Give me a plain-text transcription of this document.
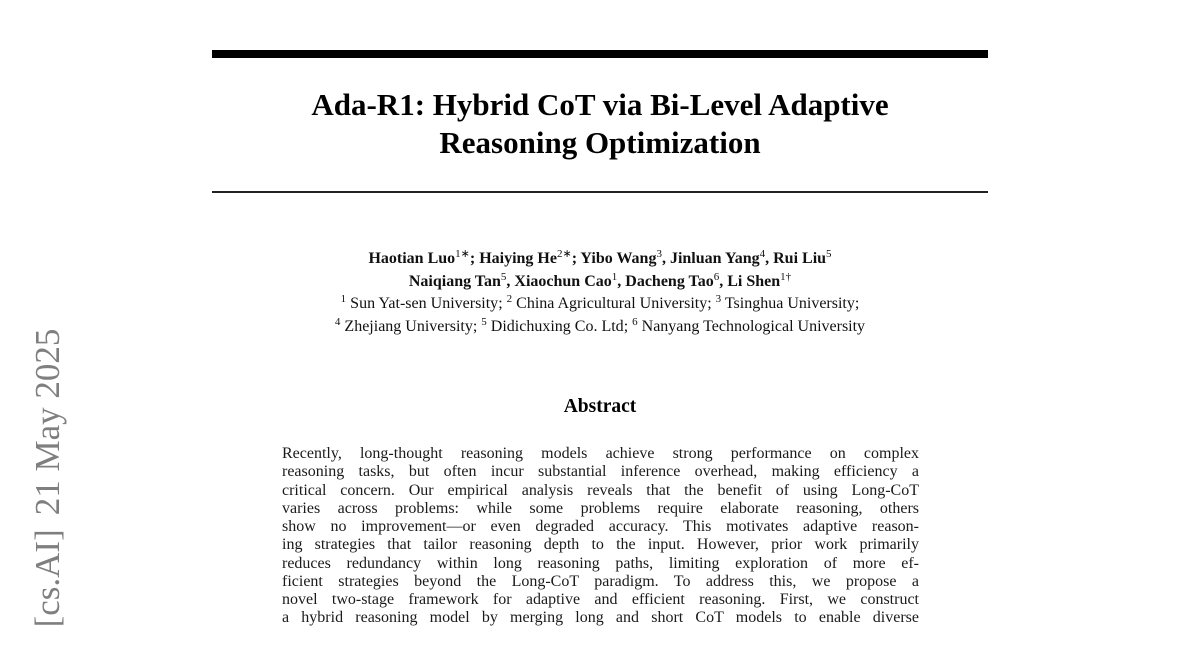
[cs.AI]21 May 2025
Ada-R1: Hybrid CoT via Bi-Level Adaptive
Reasoning Optimization
Haotian Luo$^{1∗}$; Haiying $He^{2∗}$; Yibo Wang$^3$, Jinluan Yang$^4$, Rui Liu$^5$
Naiqiang Tan$^5$, Xiaochun Cao$^1$, Dacheng Tao$^6$, Li Shen$^{1\dagger}$
$^1$ Sun Yat-sen University; $^2$ China Agricultural University; $^3$ Tsinghua University;
$^4$ Zhejiang University; $^5$ Didichuxing Co. Ltd; $^6$ Nanyang Technological University
Abstract
Recently, long-thought reasoning models achieve strong performance on complex
reasoning tasks, but often incur substantial inference overhead, making efficiency a
critical concern. Our empirical analysis reveals that the benefit of using Long-CoT
varies across problems: while some problems require elaborate reasoning, others
show no improvement—or even degraded accuracy. This motivates adaptive reason-
ing strategies that tailor reasoning depth to the input. However, prior work primarily
reduces redundancy within long reasoning paths, limiting exploration of more ef-
ficient strategies beyond the Long-CoT paradigm. To address this, we propose a
novel two-stage framework for adaptive and efficient reasoning. First, we construct
a hybrid reasoning model by merging long and short CoT models to enable diverse
